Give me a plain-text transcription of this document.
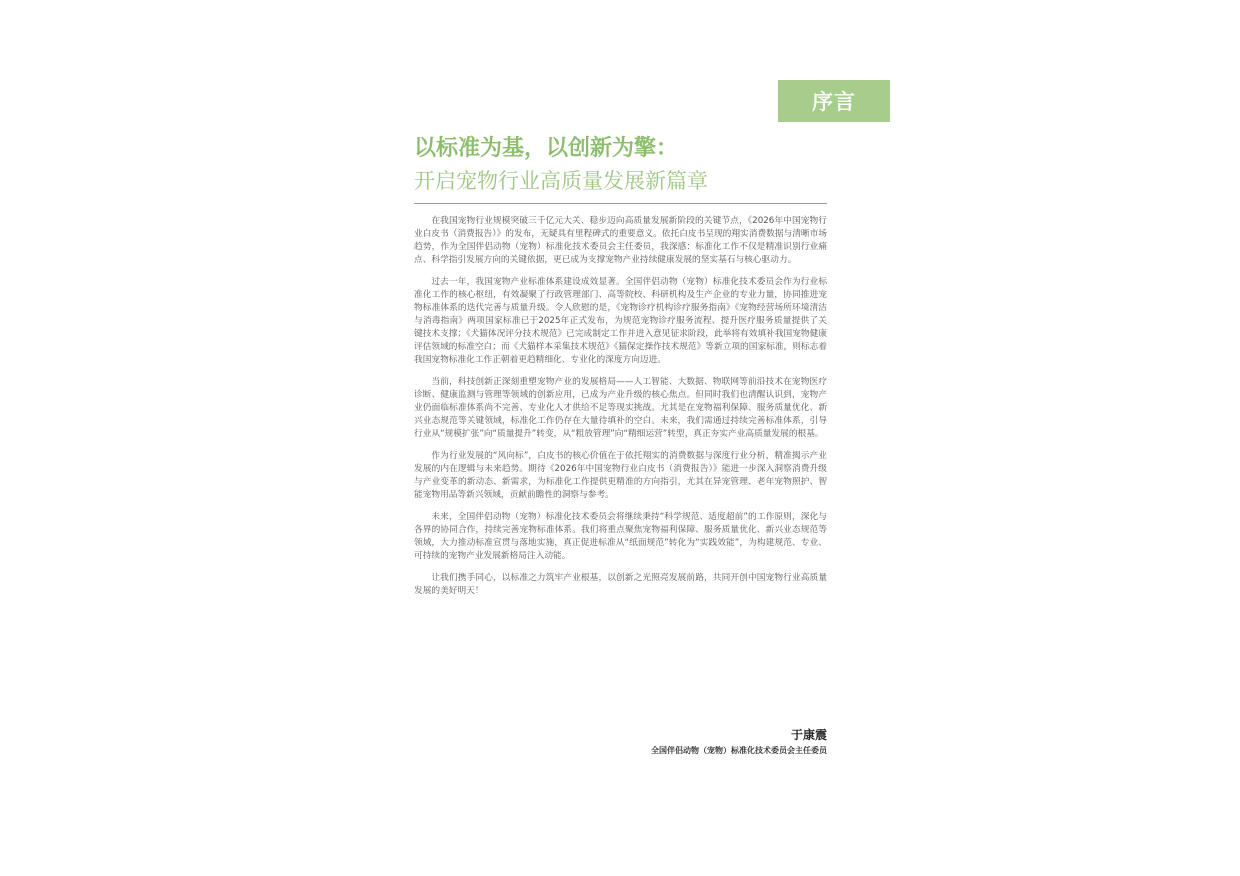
序言
以标准为基，以创新为擎：
开启宠物行业高质量发展新篇章

在我国宠物行业规模突破三千亿元大关、稳步迈向高质量发展新阶段的关键节点，《2026年中国宠物行业白皮书（消费报告）》的发布，无疑具有里程碑式的重要意义。依托白皮书呈现的翔实消费数据与清晰市场趋势，作为全国伴侣动物（宠物）标准化技术委员会主任委员，我深感：标准化工作不仅是精准识别行业痛点、科学指引发展方向的关键依据，更已成为支撑宠物产业持续健康发展的坚实基石与核心驱动力。

过去一年，我国宠物产业标准体系建设成效显著。全国伴侣动物（宠物）标准化技术委员会作为行业标准化工作的核心枢纽，有效凝聚了行政管理部门、高等院校、科研机构及生产企业的专业力量，协同推进宠物标准体系的迭代完善与质量升级。令人欣慰的是，《宠物诊疗机构诊疗服务指南》《宠物经营场所环境清洁与消毒指南》两项国家标准已于2025年正式发布，为规范宠物诊疗服务流程、提升医疗服务质量提供了关键技术支撑；《犬猫体况评分技术规范》已完成制定工作并进入意见征求阶段，此举将有效填补我国宠物健康评估领域的标准空白；而《犬猫样本采集技术规范》《猫保定操作技术规范》等新立项的国家标准，则标志着我国宠物标准化工作正朝着更趋精细化、专业化的深度方向迈进。

当前，科技创新正深刻重塑宠物产业的发展格局——人工智能、大数据、物联网等前沿技术在宠物医疗诊断、健康监测与管理等领域的创新应用，已成为产业升级的核心焦点。但同时我们也清醒认识到，宠物产业仍面临标准体系尚不完善、专业化人才供给不足等现实挑战。尤其是在宠物福利保障、服务质量优化、新兴业态规范等关键领域，标准化工作仍存在大量待填补的空白。未来，我们需通过持续完善标准体系，引导行业从“规模扩张”向“质量提升”转变，从“粗放管理”向“精细运营”转型，真正夯实产业高质量发展的根基。

作为行业发展的“风向标”，白皮书的核心价值在于依托翔实的消费数据与深度行业分析，精准揭示产业发展的内在逻辑与未来趋势。期待《2026年中国宠物行业白皮书（消费报告）》能进一步深入洞察消费升级与产业变革的新动态、新需求，为标准化工作提供更精准的方向指引，尤其在异宠管理、老年宠物照护、智能宠物用品等新兴领域，贡献前瞻性的洞察与参考。

未来，全国伴侣动物（宠物）标准化技术委员会将继续秉持“科学规范、适度超前”的工作原则，深化与各界的协同合作，持续完善宠物标准体系。我们将重点聚焦宠物福利保障、服务质量优化、新兴业态规范等领域，大力推动标准宣贯与落地实施，真正促进标准从“纸面规范”转化为“实践效能”，为构建规范、专业、可持续的宠物产业发展新格局注入动能。

让我们携手同心，以标准之力筑牢产业根基，以创新之光照亮发展前路，共同开创中国宠物行业高质量发展的美好明天！

于康震
全国伴侣动物（宠物）标准化技术委员会主任委员
